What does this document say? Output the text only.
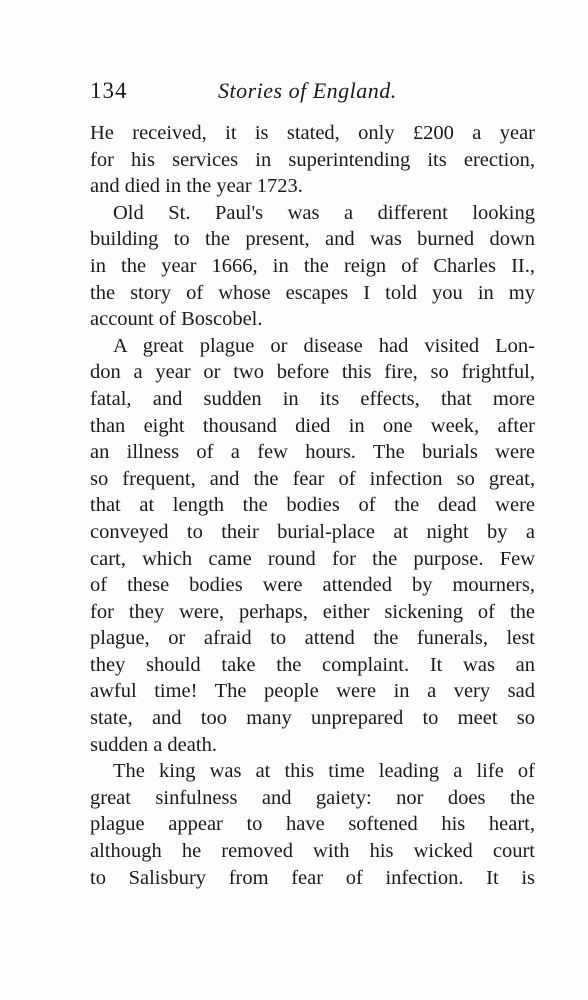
134	Stories of England.
He received, it is stated, only £200 a year
for his services in superintending its erection,
and died in the year 1723.
Old St. Paul's was a different looking
building to the present, and was burned down
in the year 1666, in the reign of Charles II.,
the story of whose escapes I told you in my
account of Boscobel.
A great plague or disease had visited Lon-
don a year or two before this fire, so frightful,
fatal, and sudden in its effects, that more
than eight thousand died in one week, after
an illness of a few hours. The burials were
so frequent, and the fear of infection so great,
that at length the bodies of the dead were
conveyed to their burial-place at night by a
cart, which came round for the purpose. Few
of these bodies were attended by mourners,
for they were, perhaps, either sickening of the
plague, or afraid to attend the funerals, lest
they should take the complaint. It was an
awful time! The people were in a very sad
state, and too many unprepared to meet so
sudden a death.
The king was at this time leading a life of
great sinfulness and gaiety: nor does the
plague appear to have softened his heart,
although he removed with his wicked court
to Salisbury from fear of infection. It is
